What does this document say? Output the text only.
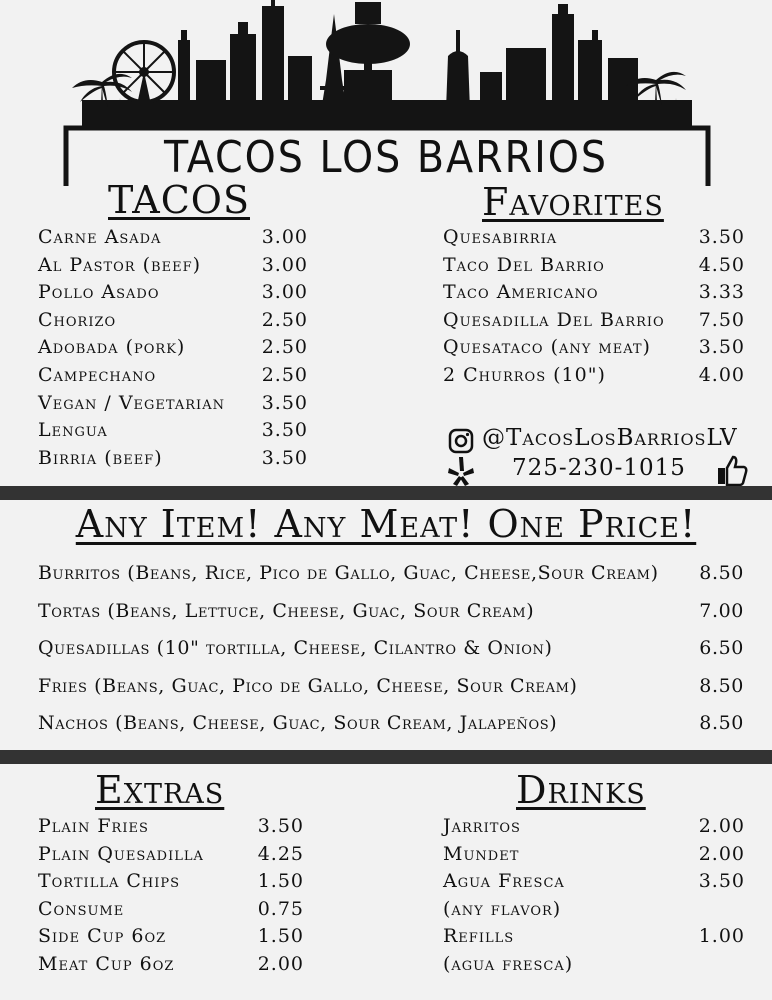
TACOS LOS BARRIOS
TACOS
Carne Asada	3.00
Al Pastor (beef)	3.00
Pollo Asado	3.00
Chorizo	2.50
Adobada (pork)	2.50
Campechano	2.50
Vegan / Vegetarian 3.50
Lengua	3.50
Birria (beef)	3.50
Favorites
Quesabirria	3.50
Taco Del Barrio	4.50
Taco Americano	3.33
Quesadilla Del Barrio 7.50
Quesataco (any meat)	3.50
2 Churros (10")	4.00
@TacosLosBarriosLV
725-230-1015
Any Item! Any Meat! One Price!
Burritos (Beans, Rice, Pico de Gallo, Guac, Cheese,Sour Cream) 8.50
Tortas (Beans, Lettuce, Cheese, Guac, Sour Cream)	7.00
Quesadillas (10" tortilla, Cheese, Cilantro & Onion)	6.50
Fries (Beans, Guac, Pico de Gallo, Cheese, Sour Cream)	8.50
Nachos (Beans, Cheese, Guac, Sour Cream, Jalapeños)	8.50
Extras
Plain Fries	3.50
Plain Quesadilla	4.25
Tortilla Chips	1.50
Consume	0.75
Side Cup 6oz	1.50
Meat Cup 6oz	2.00
Drinks
Jarritos	2.00
Mundet	2.00
Agua Fresca	3.50
(any flavor)
Refills	1.00
(agua fresca)
